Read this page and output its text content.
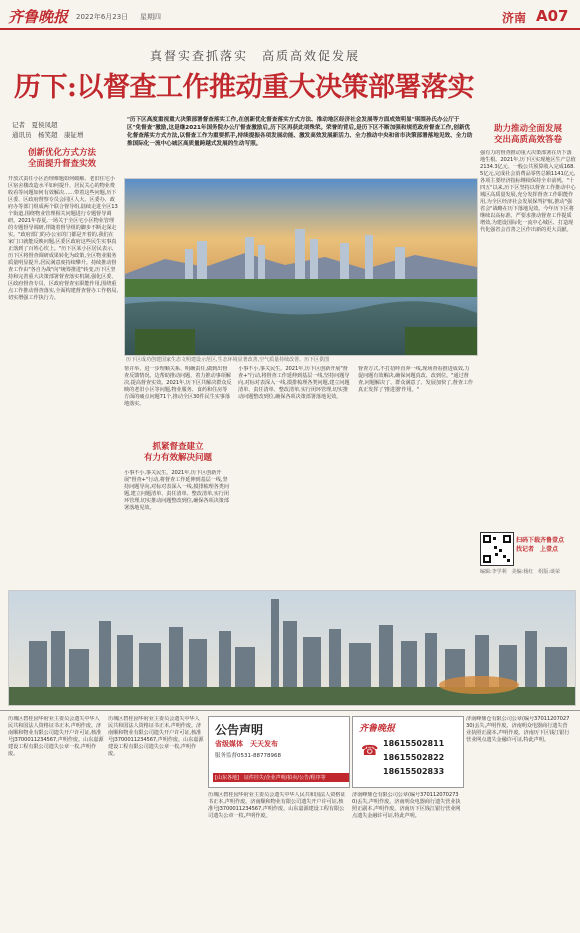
齐鲁晚报 2022年6月23日 星期四	济南 A07
真督实查抓落实　高质高效促发展
历下:以督查工作推动重大决策部署落实
记者　夏侯凤超
通讯员　杨笑超　康钲增
"历下区高度重视重大决策部署督查落实工作,在创新优化督查落实方式方法、推动地区经济社会发展等方面成效明显"琪围孙氏办公厅于区"免督查"激励,这是继2021年国务院办公厅督查激励后,历下区再获此项殊荣。荣誉的背后,是历下区不断加强和规范政府督查工作,创新优化督查落实方式方法,以督查工作为重要抓手,持续提振各项发展动能、激发高效发展新活力、全力推动中央和省市决策部署落地见效、全力助推国际化一流中心城区高质量跨越式发展的生动写照。
创新优化方式方法
全面提升督查实效
开放式责任小区治理难题如何破解、老旧住宅小区宿舍楼改造水平如何提升、居民关心的物业费收看等问题如何有效解决……带着这些问题,历下区委、区政府督察专员会同区人大、区委办、政府办等部门组成两个联合督导组,陆续走进全区13个街道,围绕物业管理相关问题进行专题督导调研。2021年春夏,一场关于全区宅小区物业管理的专题督导调研,伴随着督导组的脚步不断走深走实。"政府部门的办公室的门都是开着的,我们在家门口就能反映问题,区委区政府这些民生实事真正落到了百姓心坎上。"历下区某小区居民表示,历下区将督查调研成果转化为政策,全区物业服务质量明显提升,居民满意度持续攀升。持续推动督查工作由"各自为战"向"统筹推进"转变,历下区坚持和完善重大决策部署督查落实机制,强化区委、区政府督查专员、区政府督查室职能作用,围绕重点工作推动督查落实,全面构建督查督办工作格局,切实增强工作执行力。
历下区成功创建国家生态文明建设示范区,生态环境显著改善,空气质量持续改善。历下区供图
帮并举、进一步理顺关系、明确责任,做到出督查反馈情况、边帮助推动问题、着力推动事项解决,提高督查实效。2021年,历下区共解决群众反映的老旧小区等问题,物业服务、食药和住房等方面的痛点问题71个,推动全区30件民生实事落地落实。
抓紧督查建立
有力有效解决问题
小事不小,事关民生。2021年,历下区创新开展"督查+"行动,将督查工作延伸到基层一线,坚持问题导向,对标对表深入一线,摸排梳理各类问题,建立问题清单、责任清单、整改清单,实行闭环管理,切实推动问题整改到位,确保各项决策部署落地见效。
小事不小,事关民生。2021年,历下区创新开展"督查+"行动,将督查工作延伸到基层一线,坚持问题导向,对标对表深入一线,摸排梳理各类问题,建立问题清单、责任清单、整改清单,实行闭环管理,切实推动问题整改到位,确保各项决策部署落地见效。
督查方式,不打招呼直奔一线,现场查看推进成效,力促问题有效解决,确保问题真改、改到位。"通过督查,问题解决了、群众满意了、发展加快了,督查工作真正发挥了'推进器'作用。"
助力推动全面发展
交出高质高效答卷
强有力的督查推动重大决策部署在历下落地生根。2021年,历下区实现地区生产总值2134.3亿元、一般公共预算收入完成168.5亿元,完成社会消费品零售总额1141亿元,各项主要经济指标继续保持全市前列。"十四五"以来,历下区坚持以督查工作推动中心城区高质量发展,充分发挥督查工作职能作用,为全区经济社会发展保驾护航,推动"强省会"战略在历下落地见效。今年历下区将继续以高标准、严要求推动督查工作提质增效,为建设国际化一流中心城区、打造现代化强省会首善之区作出新的更大贡献。
扫码下载齐鲁壹点
找记者　上壹点
编辑:李学利　美编:杨红　组版:谈荣
历城区碧桂园华府业主委员会遗失中华人民共和国法人资格证书正本,声明作废。济南顺和物业有限公司遗失开户许可证,核准号J3700011234567,声明作废。山东嘉源建设工程有限公司遗失公章一枚,声明作废。
历城区碧桂园华府业主委员会遗失中华人民共和国法人资格证书正本,声明作废。济南顺和物业有限公司遗失开户许可证,核准号J3700011234567,声明作废。山东嘉源建设工程有限公司遗失公章一枚,声明作废。
公告声明
省级媒体　天天发布
服务监督0531-88778968
[山东各地]　证件挂失/企业声明/拍卖/公告/程序等
齐鲁晚报
18615502811
18615502822
18615502833
☎
历城区碧桂园华府业主委员会遗失中华人民共和国法人资格证书正本,声明作废。济南顺和物业有限公司遗失开户许可证,核准号J3700011234567,声明作废。山东嘉源建设工程有限公司遗失公章一枚,声明作废。
济南峰鼎仓有限公司公章(编号3701120702730)丢失,声明作废。济南明众电器商行遗失营业执照正副本,声明作废。济南历下区钱江银行营业网点遗失金融许可证,特此声明。
济南峰鼎仓有限公司公章(编号3701120702730)丢失,声明作废。济南明众电器商行遗失营业执照正副本,声明作废。济南历下区钱江银行营业网点遗失金融许可证,特此声明。
